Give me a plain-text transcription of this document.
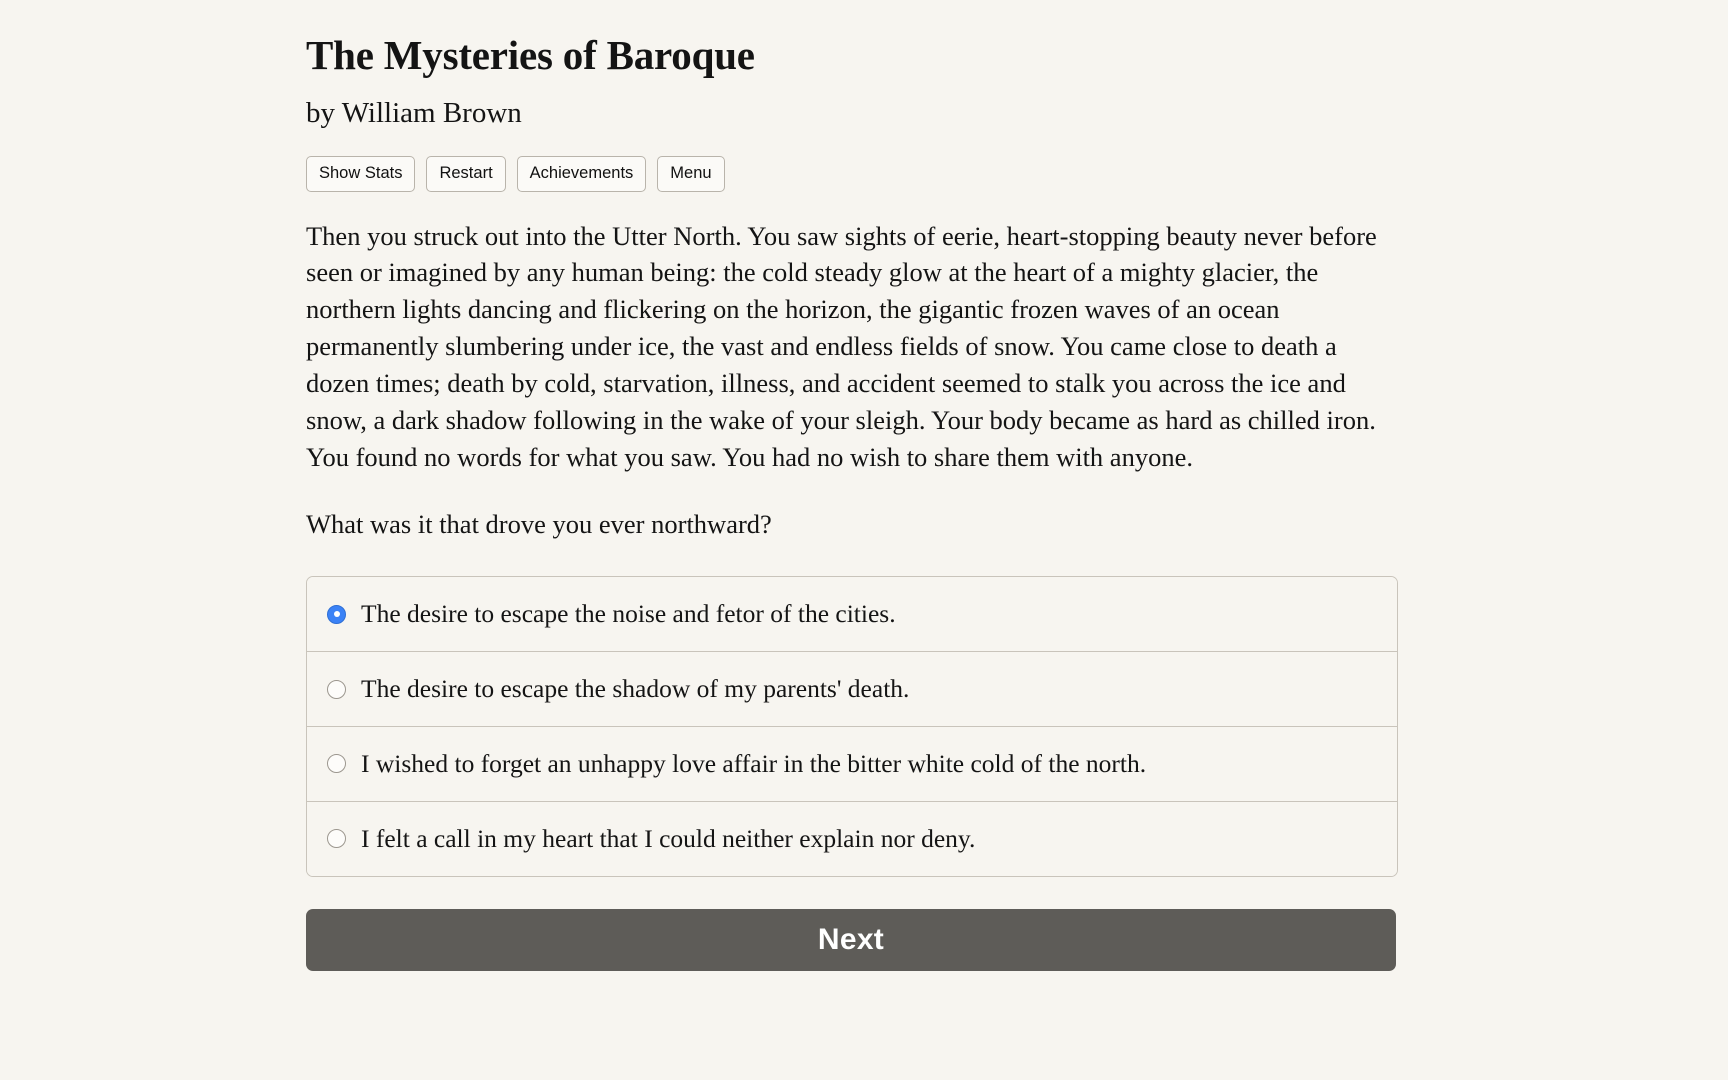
The Mysteries of Baroque
by William Brown
Show Stats	Restart	Achievements	Menu

Then you struck out into the Utter North. You saw sights of eerie, heart-stopping beauty never before seen or imagined by any human being: the cold steady glow at the heart of a mighty glacier, the northern lights dancing and flickering on the horizon, the gigantic frozen waves of an ocean permanently slumbering under ice, the vast and endless fields of snow. You came close to death a dozen times; death by cold, starvation, illness, and accident seemed to stalk you across the ice and snow, a dark shadow following in the wake of your sleigh. Your body became as hard as chilled iron. You found no words for what you saw. You had no wish to share them with anyone.

What was it that drove you ever northward?

The desire to escape the noise and fetor of the cities.
The desire to escape the shadow of my parents' death.
I wished to forget an unhappy love affair in the bitter white cold of the north.
I felt a call in my heart that I could neither explain nor deny.
Next
